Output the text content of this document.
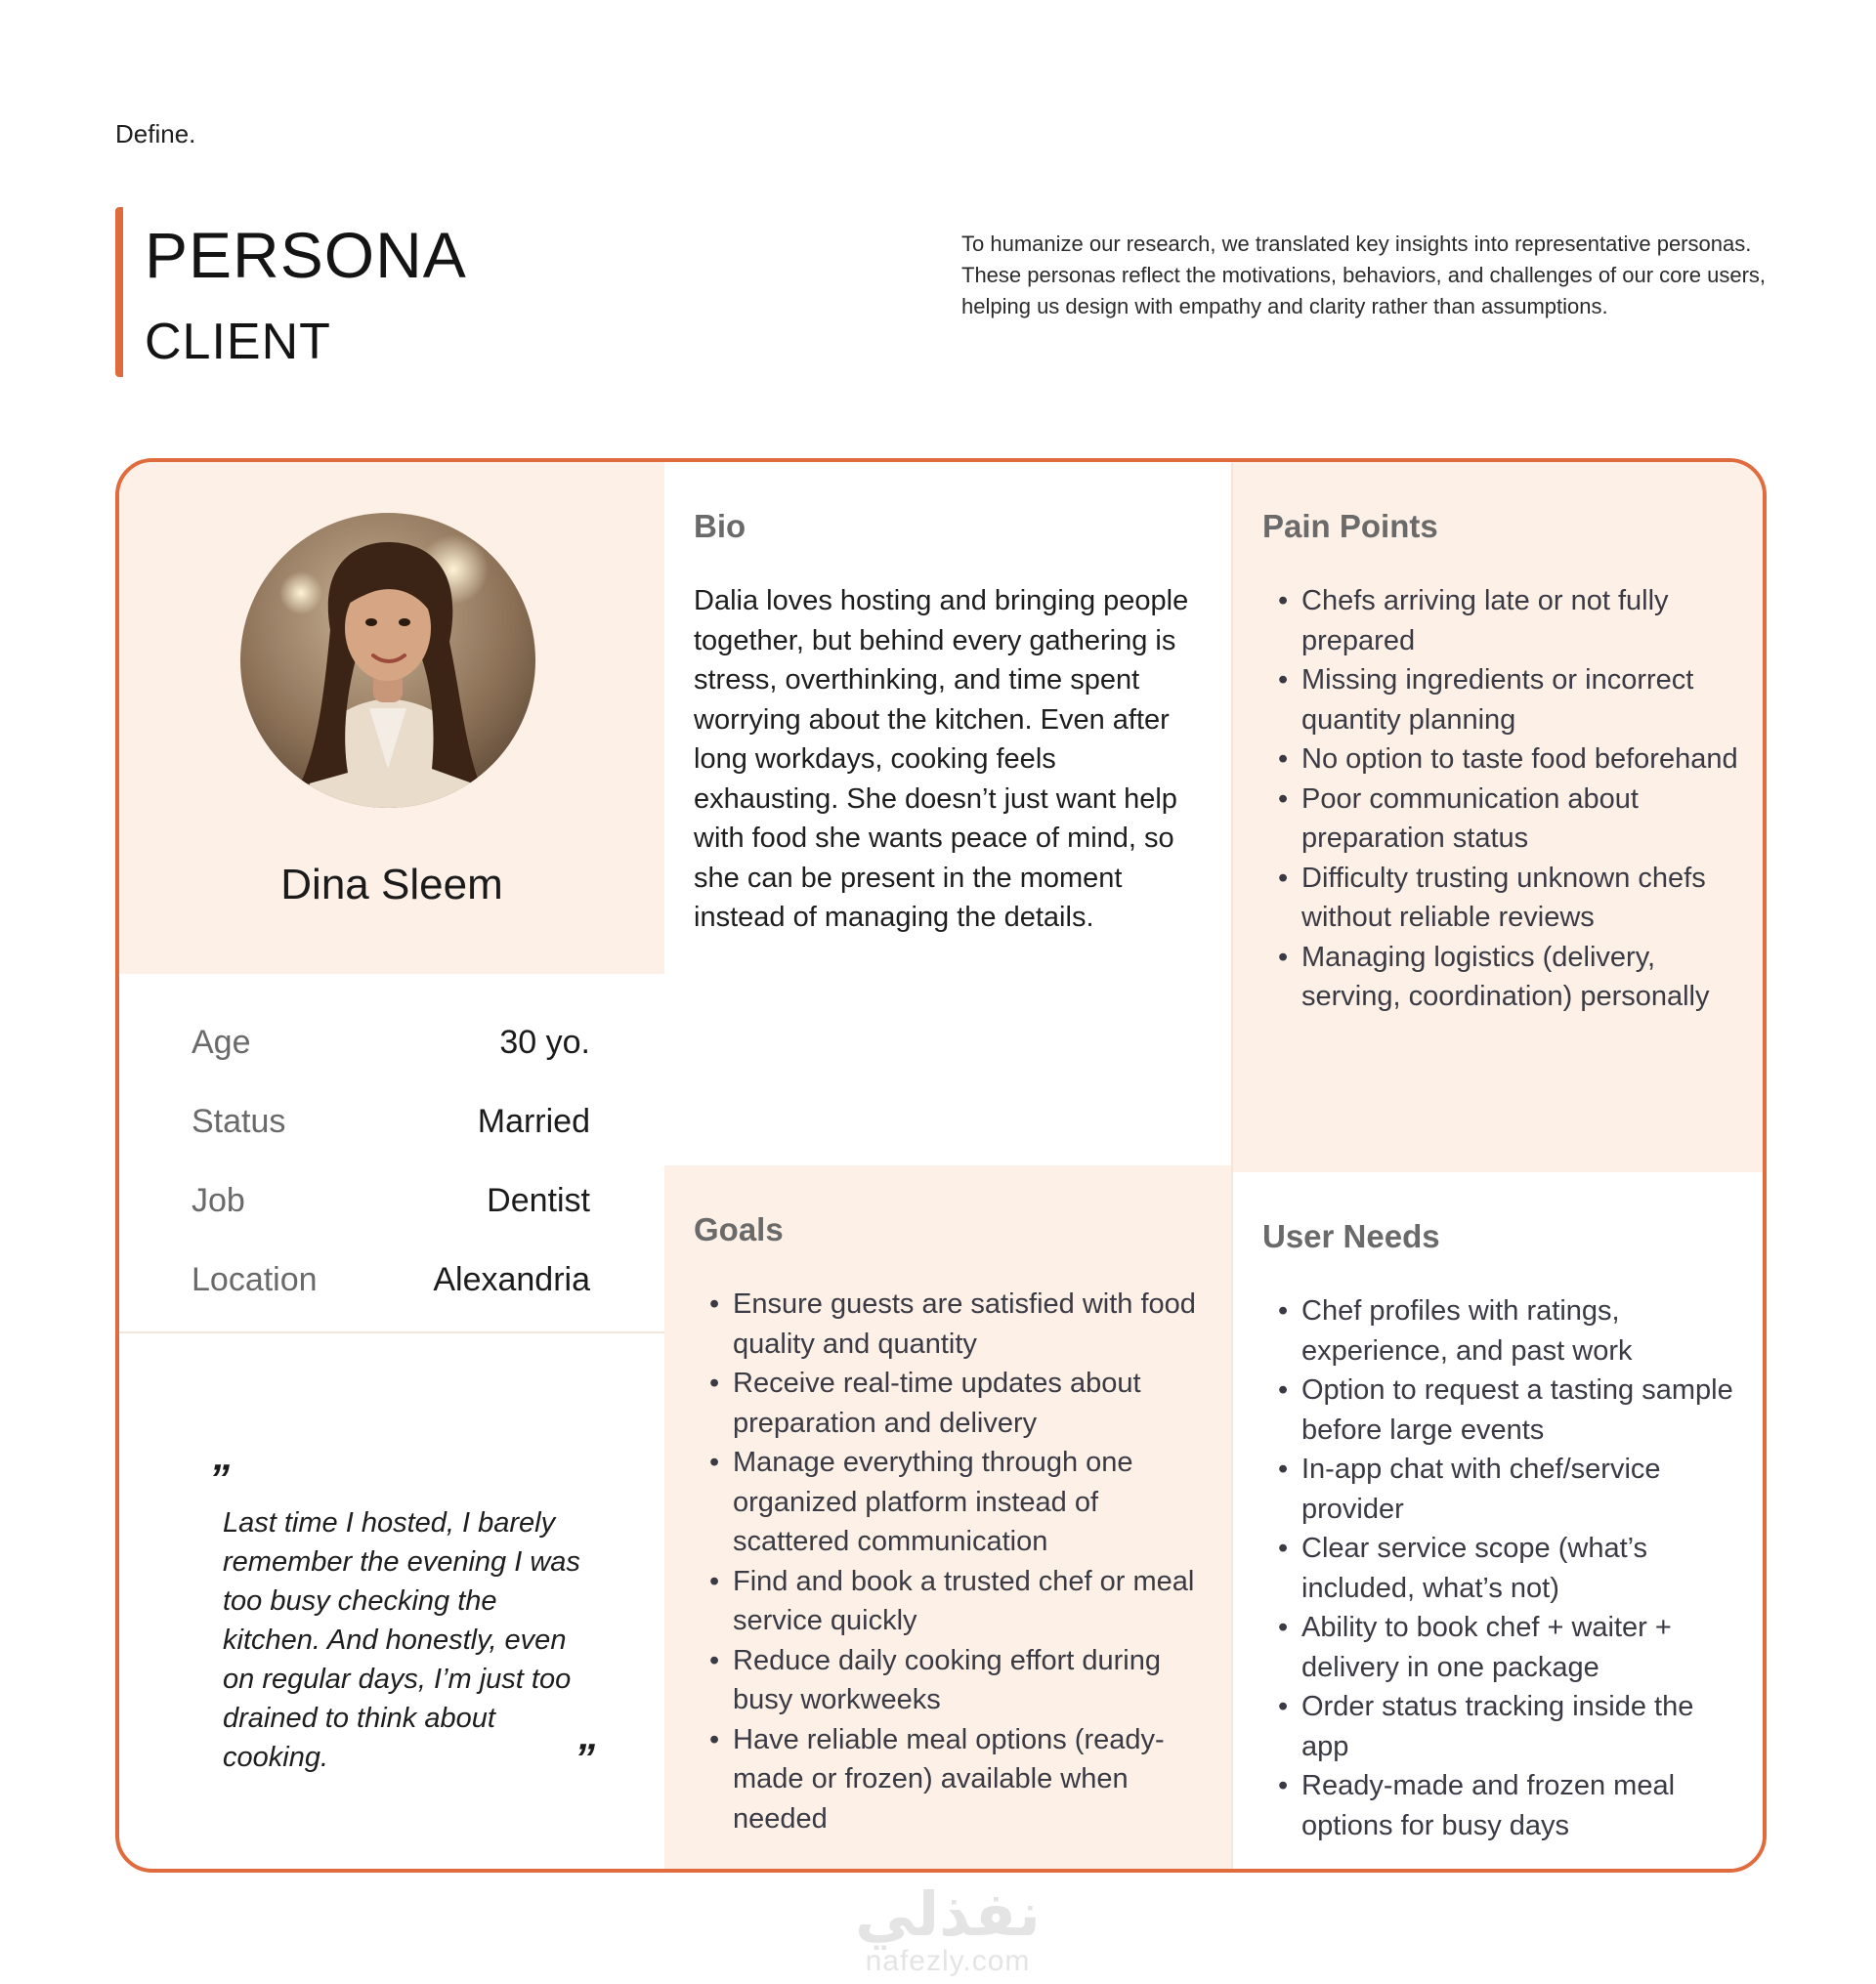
Define.
PERSONA
CLIENT
To humanize our research, we translated key insights into representative personas. These personas reflect the motivations, behaviors, and challenges of our core users, helping us design with empathy and clarity rather than assumptions.
Dina Sleem
Age	30 yo.
Status	Married
Job	Dentist
Location	Alexandria
”
Last time I hosted, I barely remember the evening I was too busy checking the kitchen. And honestly, even on regular days, I’m just too drained to think about cooking.	”
Bio

Dalia loves hosting and bringing people together, but behind every gathering is stress, overthinking, and time spent worrying about the kitchen. Even after long workdays, cooking feels exhausting. She doesn’t just want help with food she wants peace of mind, so she can be present in the moment instead of managing the details.

Pain Points
• Chefs arriving late or not fully prepared
• Missing ingredients or incorrect quantity planning
• No option to taste food beforehand
• Poor communication about preparation status
• Difficulty trusting unknown chefs without reliable reviews
• Managing logistics (delivery, serving, coordination) personally
Goals
• Ensure guests are satisfied with food quality and quantity
• Receive real-time updates about preparation and delivery
• Manage everything through one organized platform instead of scattered communication
• Find and book a trusted chef or meal service quickly
• Reduce daily cooking effort during busy workweeks
• Have reliable meal options (ready-made or frozen) available when needed
User Needs
• Chef profiles with ratings, experience, and past work
• Option to request a tasting sample before large events
• In-app chat with chef/service provider
• Clear service scope (what’s included, what’s not)
• Ability to book chef + waiter + delivery in one package
• Order status tracking inside the app
• Ready-made and frozen meal options for busy days
نفذلي
nafezly.com
